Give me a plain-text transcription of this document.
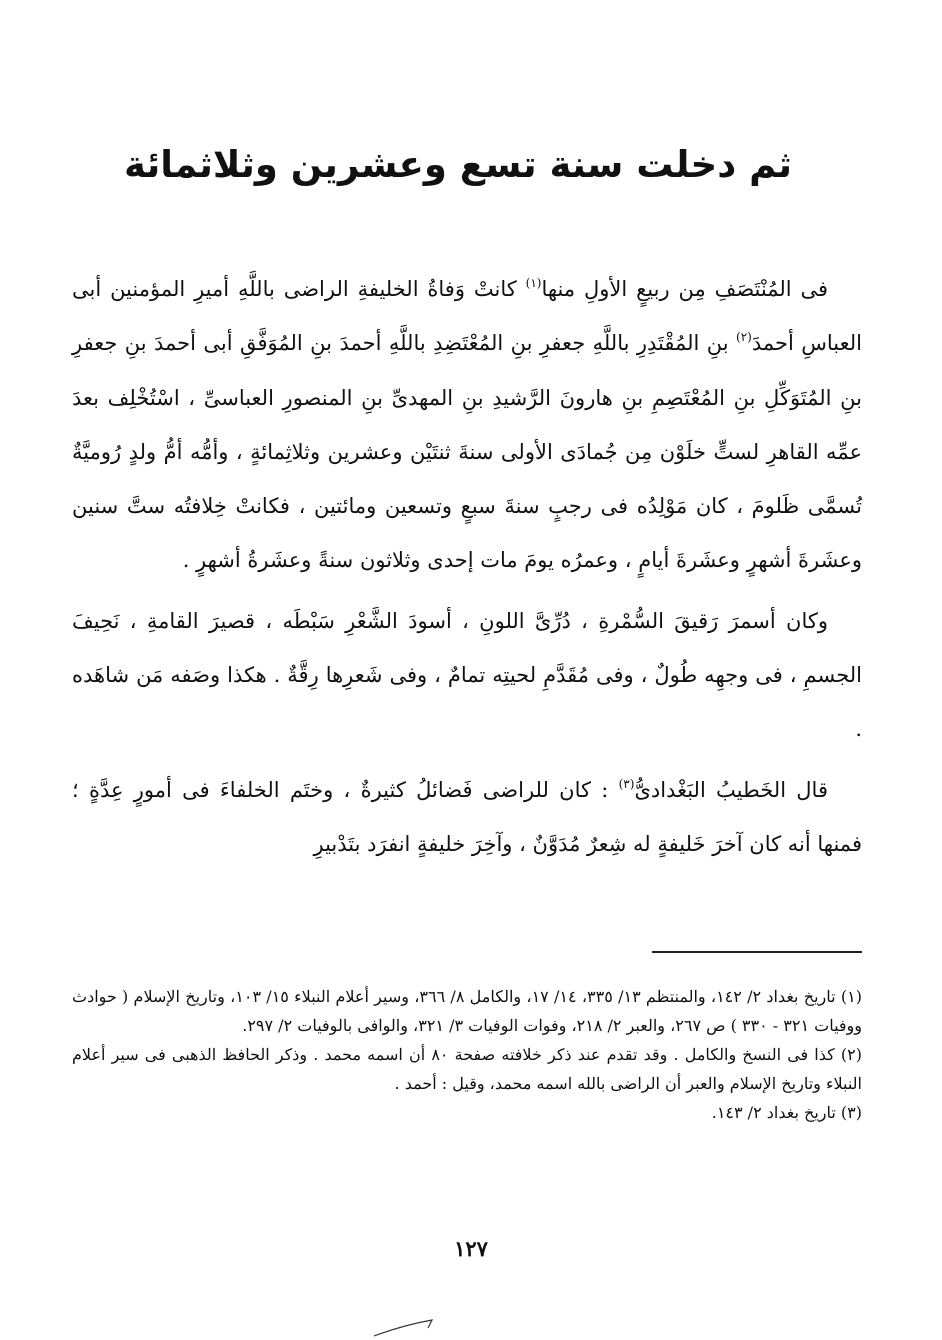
ثم دخلت سنة تسع وعشرين وثلاثمائة

فى المُنْتَصَفِ مِن ربيعٍ الأولِ منها$^{(١)}$ كانتْ وَفاةُ الخليفةِ الراضى باللَّهِ أميرِ المؤمنين أبى العباسِ أحمدَ$^{(٢)}$ بنِ المُقْتَدِرِ باللَّهِ جعفرِ بنِ المُعْتَضِدِ باللَّهِ أحمدَ بنِ المُوَفَّقِ أبى أحمدَ بنِ جعفرِ بنِ المُتَوَكِّلِ بنِ المُعْتَصِمِ بنِ هارونَ الرَّشيدِ بنِ المهدىِّ بنِ المنصورِ العباسىِّ ، اسْتُخْلِف بعدَ عمِّه القاهرِ لستٍّ خلَوْن مِن جُمادَى الأولى سنةَ ثنتَيْن وعشرين وثلاثِمائةٍ ، وأمُّه أمُّ ولدٍ رُوميَّةٌ تُسمَّى ظَلومَ ، كان مَوْلِدُه فى رجبٍ سنةَ سبعٍ وتسعين ومائتين ، فكانتْ خِلافتُه ستَّ سنين وعشَرةَ أشهرٍ وعشَرةَ أيامٍ ، وعمرُه يومَ مات إحدى وثلاثون سنةً وعشَرةُ أشهرٍ .

وكان أسمرَ رَقيقَ السُّمْرةِ ، دُرِّىَّ اللونِ ، أسودَ الشَّعْرِ سَبْطَه ، قصيرَ القامةِ ، نَحِيفَ الجسمِ ، فى وجهِه طُولٌ ، وفى مُقَدَّمِ لحيتِه تمامٌ ، وفى شَعرِها رِقَّةٌ . هكذا وصَفه مَن شاهَده .

قال الخَطيبُ البَغْدادىُّ$^{(٣)}$ : كان للراضى فَضائلُ كثيرةٌ ، وختَم الخلفاءَ فى أمورٍ عِدَّةٍ ؛ فمنها أنه كان آخرَ خَليفةٍ له شِعرٌ مُدَوَّنٌ ، وآخِرَ خليفةٍ انفرَد بتَدْبيرِ

(١) تاريخ بغداد ٢/ ١٤٢، والمنتظم ١٣/ ٣٣٥، ١٤/ ١٧، والكامل ٨/ ٣٦٦، وسير أعلام النبلاء ١٥/ ١٠٣، وتاريخ الإسلام ( حوادث ووفيات ٣٢١ - ٣٣٠ ) ص ٢٦٧، والعبر ٢/ ٢١٨، وفوات الوفيات ٣/ ٣٢١، والوافى بالوفيات ٢/ ٢٩٧.

(٢) كذا فى النسخ والكامل . وقد تقدم عند ذكر خلافته صفحة ٨٠ أن اسمه محمد . وذكر الحافظ الذهبى فى سير أعلام النبلاء وتاريخ الإسلام والعبر أن الراضى بالله اسمه محمد، وقيل : أحمد .

(٣) تاريخ بغداد ٢/ ١٤٣.

١٢٧
